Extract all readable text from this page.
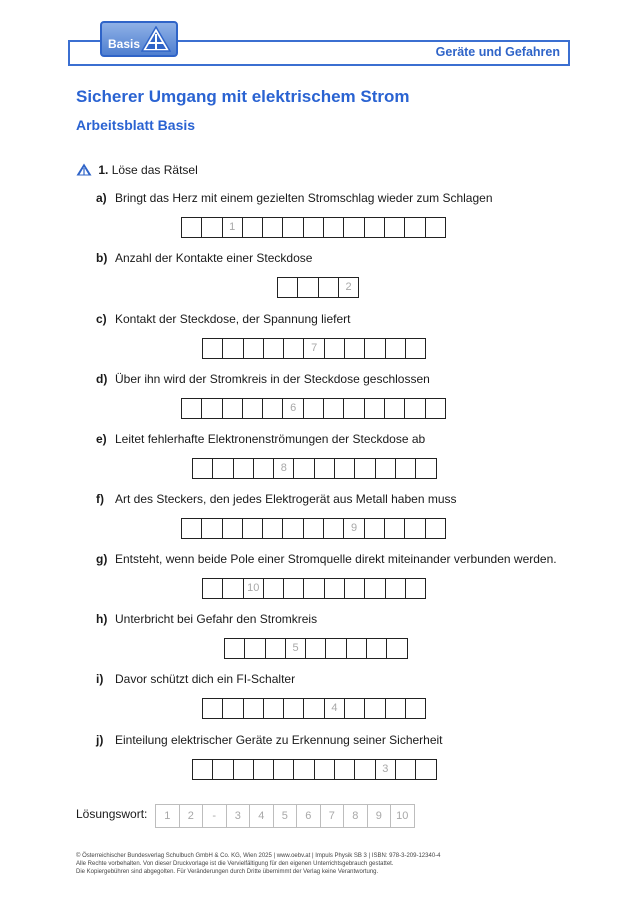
Geräte und Gefahren
Basis
Sicherer Umgang mit elektrischem Strom
Arbeitsblatt Basis
1. Löse das Rätsel
a) Bringt das Herz mit einem gezielten Stromschlag wieder zum Schlagen
1
b) Anzahl der Kontakte einer Steckdose
2
c) Kontakt der Steckdose, der Spannung liefert
7
d) Über ihn wird der Stromkreis in der Steckdose geschlossen
6
e) Leitet fehlerhafte Elektronenströmungen der Steckdose ab
8
f) Art des Steckers, den jedes Elektrogerät aus Metall haben muss
9
g) Entsteht, wenn beide Pole einer Stromquelle direkt miteinander verbunden werden.
10
h) Unterbricht bei Gefahr den Stromkreis
5
i) Davor schützt dich ein FI-Schalter
4
j) Einteilung elektrischer Geräte zu Erkennung seiner Sicherheit
3
Lösungswort:	1	2	-	3	4	5	6	7	8	9	10
© Österreichischer Bundesverlag Schulbuch GmbH & Co. KG, Wien 2025 | www.oebv.at | Impuls Physik SB 3 | ISBN: 978-3-209-12340-4
Alle Rechte vorbehalten. Von dieser Druckvorlage ist die Vervielfältigung für den eigenen Unterrichtsgebrauch gestattet.
Die Kopiergebühren sind abgegolten. Für Veränderungen durch Dritte übernimmt der Verlag keine Verantwortung.
